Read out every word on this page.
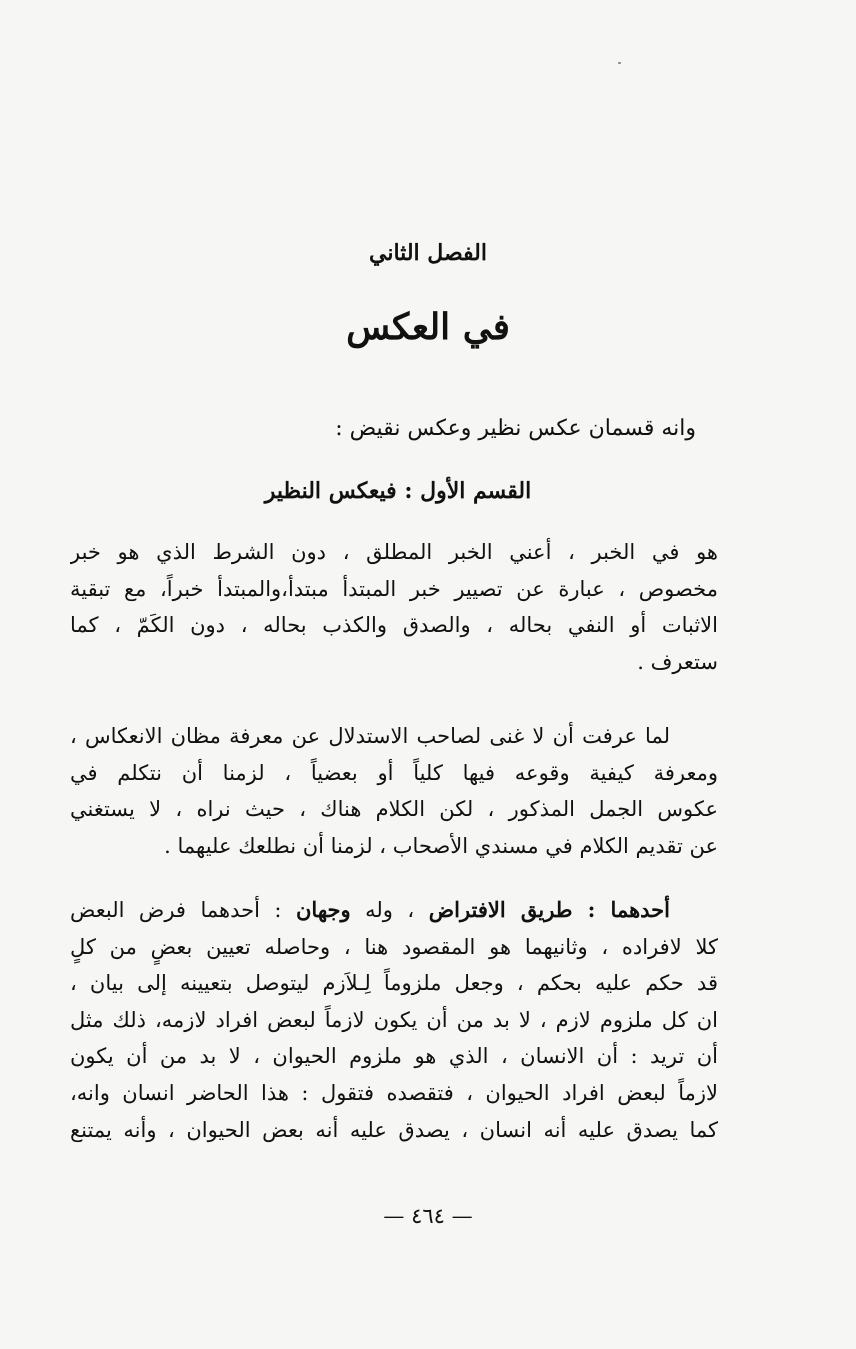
الفصل الثاني
في العكس

وانه قسمان عكس نظير وعكس نقيض :

القسم الأول : فيعكس النظير
هو في الخبر ، أعني الخبر المطلق ، دون الشرط الذي هو خبر
مخصوص ، عبارة عن تصيير خبر المبتدأ مبتدأ،والمبتدأ خبراً، مع تبقية
الاثبات أو النفي بحاله ، والصدق والكذب بحاله ، دون الكَمّ ، كما
ستعرف .
لما عرفت أن لا غنى لصاحب الاستدلال عن معرفة مظان الانعكاس ،
ومعرفة كيفية وقوعه فيها كلياً أو بعضياً ، لزمنا أن نتكلم في
عكوس الجمل المذكور ، لكن الكلام هناك ، حيث نراه ، لا يستغني
عن تقديم الكلام في مسندي الأصحاب ، لزمنا أن نطلعك عليهما .
أحدهما : طريق الافتراض ، وله وجهان : أحدهما فرض البعض
كلا لافراده ، وثانيهما هو المقصود هنا ، وحاصله تعيين بعضٍ من كلٍ
قد حكم عليه بحكم ، وجعل ملزوماً لِـلاَزم ليتوصل بتعيينه إلى بيان ،
ان كل ملزوم لازم ، لا بد من أن يكون لازماً لبعض افراد لازمه، ذلك مثل
أن تريد : أن الانسان ، الذي هو ملزوم الحيوان ، لا بد من أن يكون
لازماً لبعض افراد الحيوان ، فتقصده فتقول : هذا الحاضر انسان وانه،
كما يصدق عليه أنه انسان ، يصدق عليه أنه بعض الحيوان ، وأنه يمتنع
— ٤٦٤ —
